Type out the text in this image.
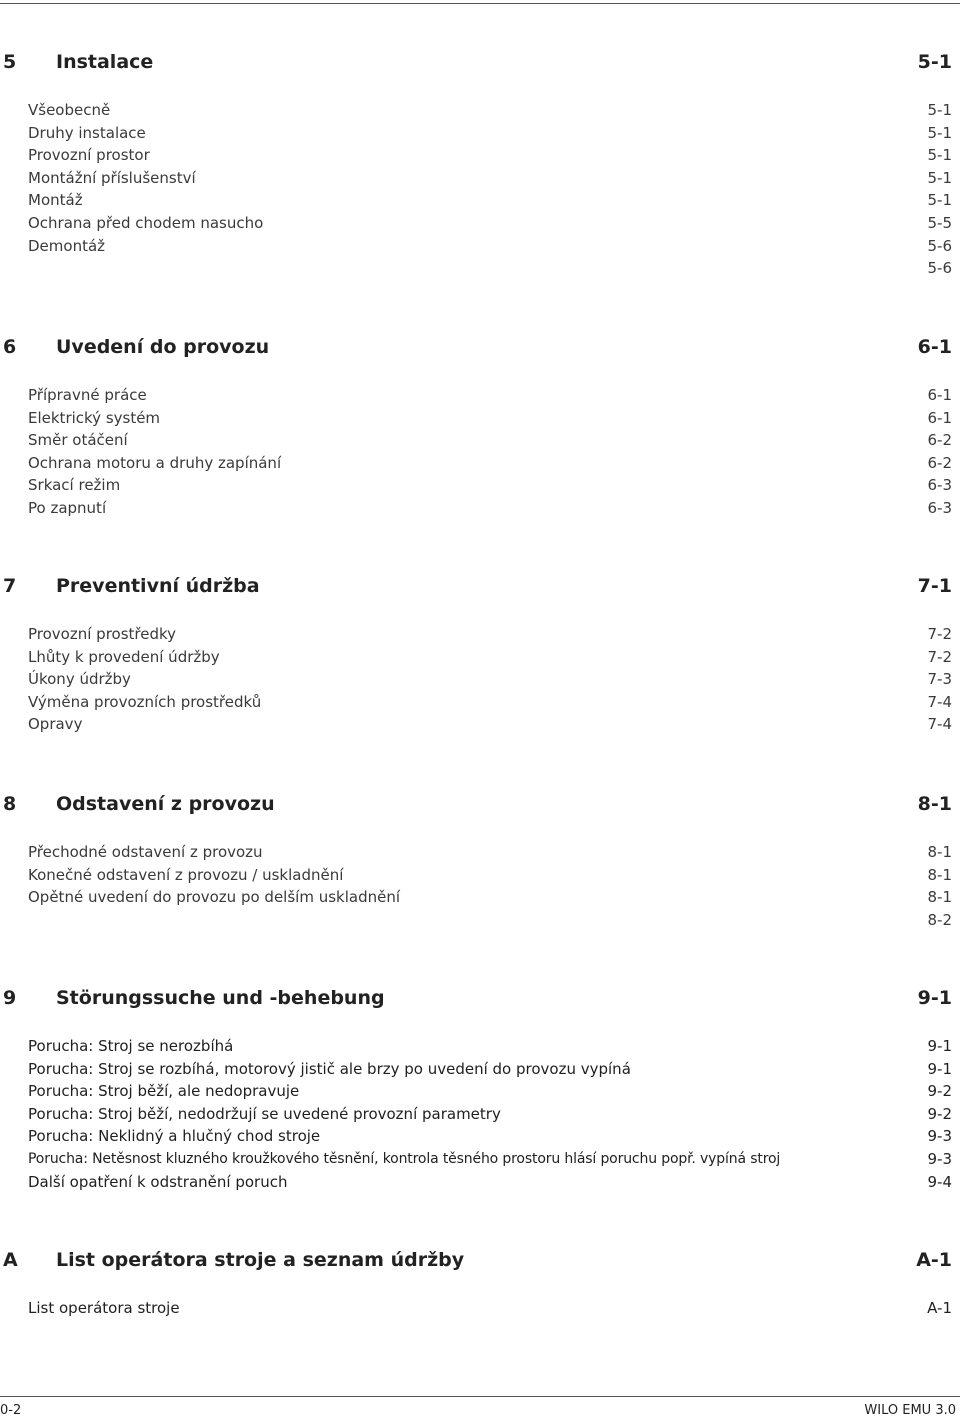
5 Instalace	5-1
Všeobecně	5-1
Druhy instalace	5-1
Provozní prostor	5-1
Montážní příslušenství	5-1
Montáž	5-1
Ochrana před chodem nasucho	5-5
Demontáž	5-6
5-6
6 Uvedení do provozu	6-1
Přípravné práce	6-1
Elektrický systém	6-1
Směr otáčení	6-2
Ochrana motoru a druhy zapínání	6-2
Srkací režim	6-3
Po zapnutí	6-3
7 Preventivní údržba	7-1
Provozní prostředky	7-2
Lhůty k provedení údržby	7-2
Úkony údržby	7-3
Výměna provozních prostředků	7-4
Opravy	7-4
8 Odstavení z provozu	8-1
Přechodné odstavení z provozu	8-1
Konečné odstavení z provozu / uskladnění	8-1
Opětné uvedení do provozu po delším uskladnění	8-1
8-2
9 Störungssuche und -behebung	9-1
Porucha: Stroj se nerozbíhá	9-1
Porucha: Stroj se rozbíhá, motorový jistič ale brzy po uvedení do provozu vypíná	9-1
Porucha: Stroj běží, ale nedopravuje	9-2
Porucha: Stroj běží, nedodržují se uvedené provozní parametry	9-2
Porucha: Neklidný a hlučný chod stroje	9-3
Porucha: Netěsnost kluzného kroužkového těsnění, kontrola těsného prostoru hlásí poruchu popř. vypíná stroj	9-3
Další opatření k odstranění poruch	9-4
A List operátora stroje a seznam údržby	A-1
List operátora stroje	A-1
0-2	WILO EMU 3.0
